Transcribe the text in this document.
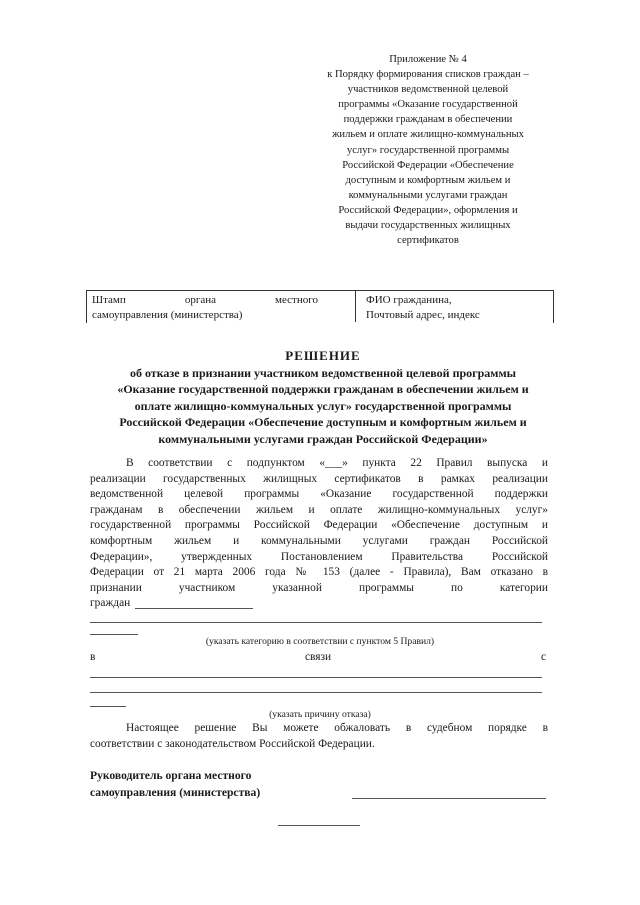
Приложение № 4
к Порядку формирования списков граждан –
участников ведомственной целевой
программы «Оказание государственной
поддержки гражданам в обеспечении
жильем и оплате жилищно-коммунальных
услуг» государственной программы
Российской Федерации «Обеспечение
доступным и комфортным жильем и
коммунальными услугами граждан
Российской Федерации», оформления и
выдачи государственных жилищных
сертификатов
Штамп органа местного
самоуправления (министерства)
ФИО гражданина,
Почтовый адрес, индекс
РЕШЕНИЕ
об отказе в признании участником ведомственной целевой программы
«Оказание государственной поддержки гражданам в обеспечении жильем и
оплате жилищно-коммунальных услуг» государственной программы
Российской Федерации «Обеспечение доступным и комфортным жильем и
коммунальными услугами граждан Российской Федерации»
В соответствии с подпунктом «___» пункта 22 Правил выпуска и
реализации государственных жилищных сертификатов в рамках реализации
ведомственной целевой программы «Оказание государственной поддержки
гражданам в обеспечении жильем и оплате жилищно-коммунальных услуг»
государственной программы Российской Федерации «Обеспечение доступным и
комфортным жильем и коммунальными услугами граждан Российской
Федерации», утвержденных Постановлением Правительства Российской
Федерации от 21 марта 2006 года № 153 (далее - Правила), Вам отказано в
признании участником указанной программы по категории
граждан
(указать категорию в соответствии с пунктом 5 Правил)
в	связи	с
(указать причину отказа)
Настоящее решение Вы можете обжаловать в судебном порядке в
соответствии с законодательством Российской Федерации.
Руководитель органа местного
самоуправления (министерства)
